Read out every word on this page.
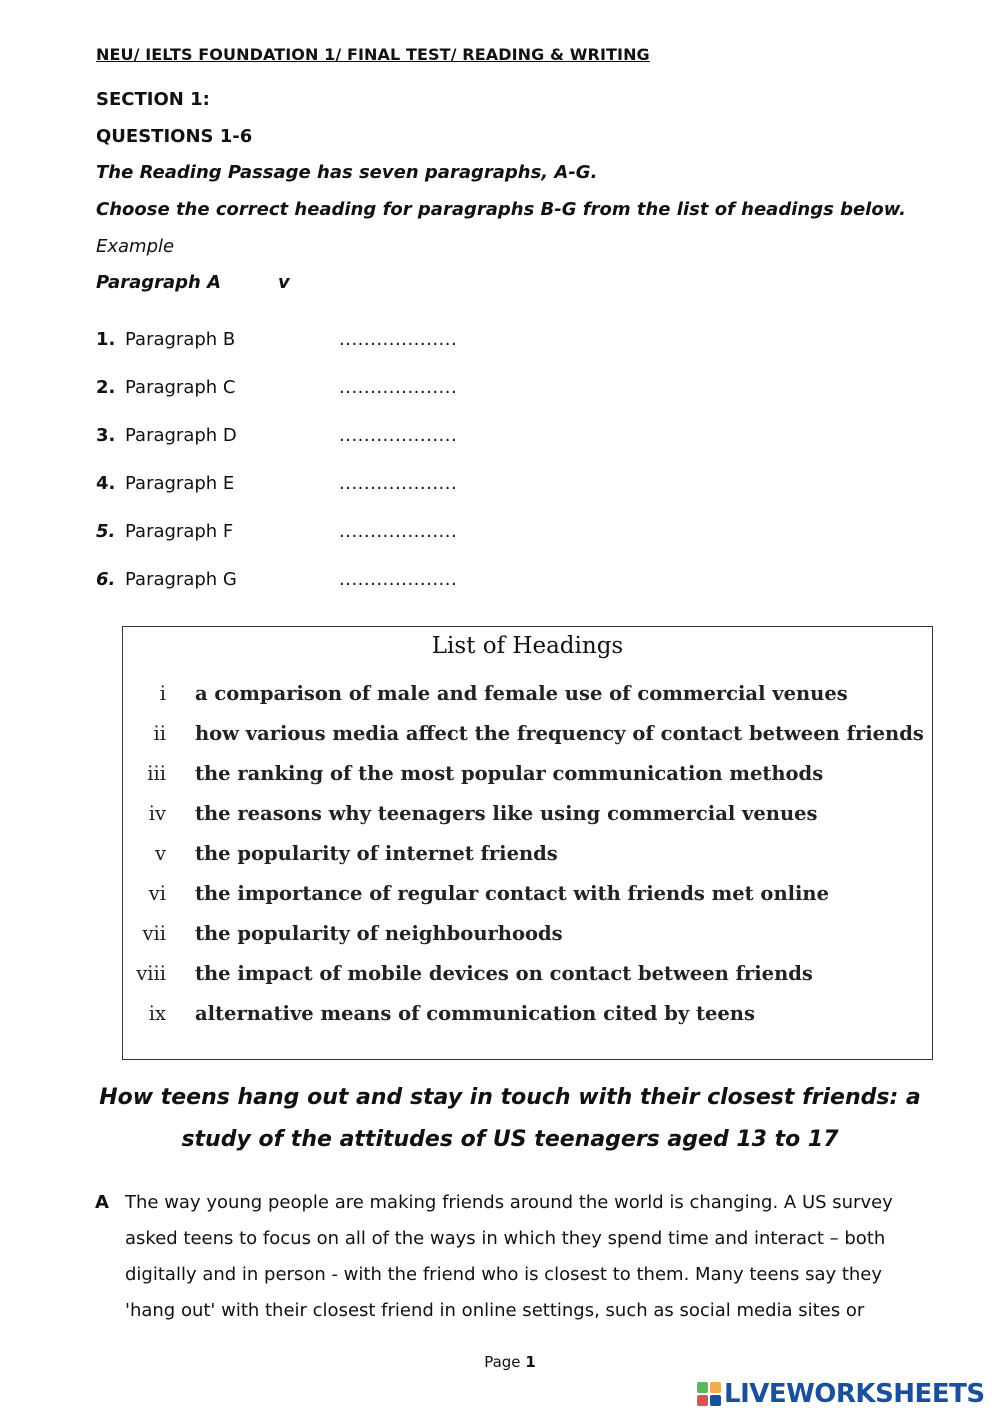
NEU/ IELTS FOUNDATION 1/ FINAL TEST/ READING & WRITING
SECTION 1:
QUESTIONS 1-6
The Reading Passage has seven paragraphs, A-G.
Choose the correct heading for paragraphs B-G from the list of headings below.
Example
Paragraph A	v
1. Paragraph B	...................
2. Paragraph C	...................
3. Paragraph D	...................
4. Paragraph E	...................
5. Paragraph F	...................
6. Paragraph G	...................
List of Headings
i a comparison of male and female use of commercial venues
ii how various media affect the frequency of contact between friends
iii the ranking of the most popular communication methods
iv the reasons why teenagers like using commercial venues
v the popularity of internet friends
vi the importance of regular contact with friends met online
vii the popularity of neighbourhoods
viii the impact of mobile devices on contact between friends
ix alternative means of communication cited by teens
How teens hang out and stay in touch with their closest friends: a
study of the attitudes of US teenagers aged 13 to 17
A The way young people are making friends around the world is changing. A US survey
asked teens to focus on all of the ways in which they spend time and interact – both
digitally and in person - with the friend who is closest to them. Many teens say they
'hang out' with their closest friend in online settings, such as social media sites or
Page 1
LIVEWORKSHEETS
